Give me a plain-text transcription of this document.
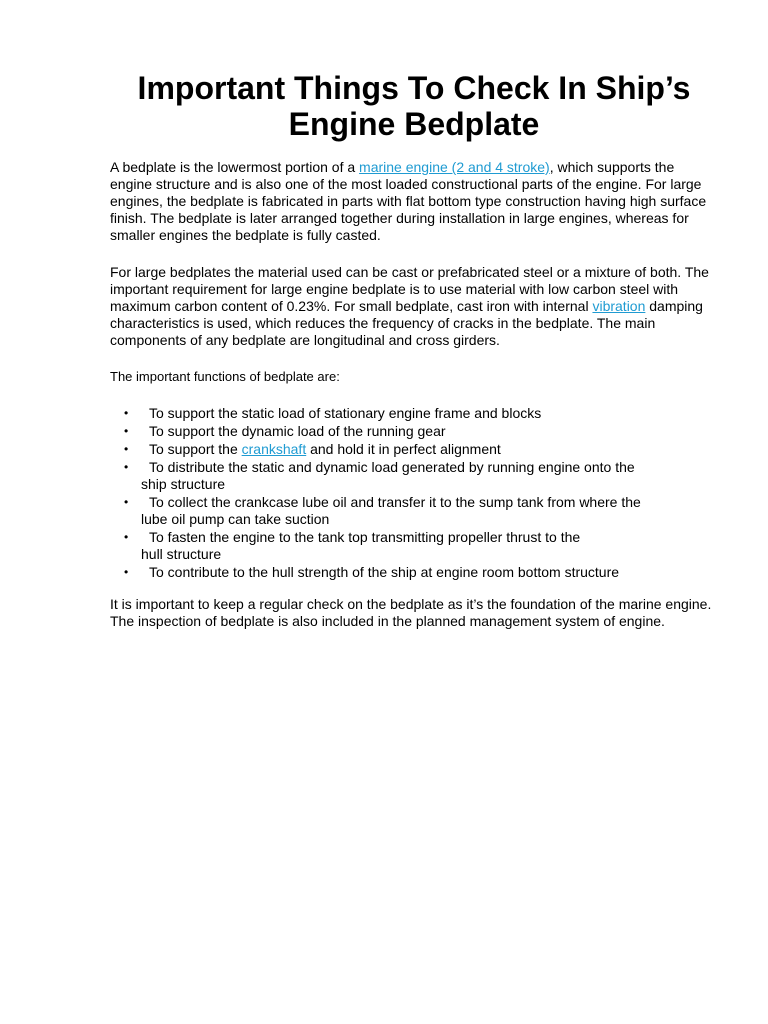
Important Things To Check In Ship’s Engine Bedplate

A bedplate is the lowermost portion of a marine engine (2 and 4 stroke), which supports the engine structure and is also one of the most loaded constructional parts of the engine. For large engines, the bedplate is fabricated in parts with flat bottom type construction having high surface finish. The bedplate is later arranged together during installation in large engines, whereas for smaller engines the bedplate is fully casted.

For large bedplates the material used can be cast or prefabricated steel or a mixture of both. The important requirement for large engine bedplate is to use material with low carbon steel with maximum carbon content of 0.23%. For small bedplate, cast iron with internal vibration damping characteristics is used, which reduces the frequency of cracks in the bedplate. The main components of any bedplate are longitudinal and cross girders.

The important functions of bedplate are:

• To support the static load of stationary engine frame and blocks
• To support the dynamic load of the running gear
• To support the crankshaft and hold it in perfect alignment
• To distribute the static and dynamic load generated by running engine onto the
ship structure
• To collect the crankcase lube oil and transfer it to the sump tank from where the
lube oil pump can take suction
• To fasten the engine to the tank top transmitting propeller thrust to the
hull structure
• To contribute to the hull strength of the ship at engine room bottom structure

It is important to keep a regular check on the bedplate as it’s the foundation of the marine engine. The inspection of bedplate is also included in the planned management system of engine.
